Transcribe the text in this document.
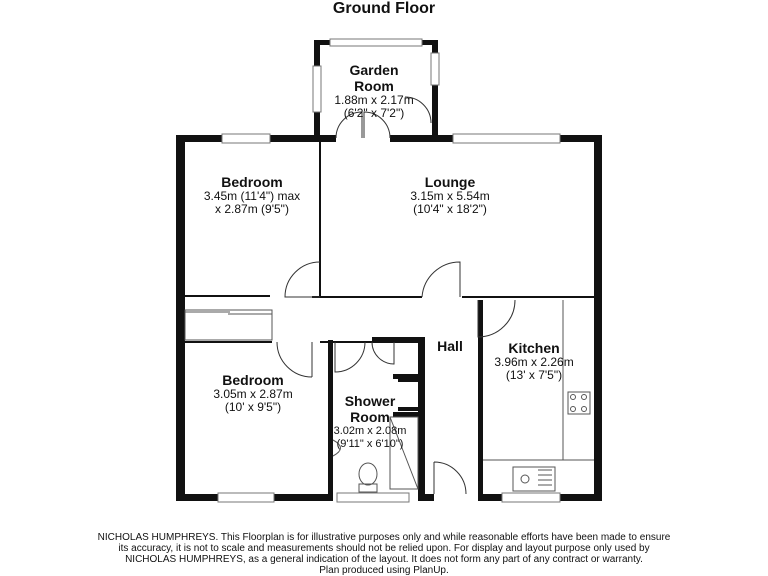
Ground Floor
Garden
Room
1.88m x 2.17m
(6'2" x 7'2")
Bedroom
3.45m (11'4") max
x 2.87m (9'5")
Lounge
3.15m x 5.54m
(10'4" x 18'2")
Hall	Kitchen
3.96m x 2.26m
(13' x 7'5")
Bedroom
3.05m x 2.87m
(10' x 9'5")	Shower
Room
3.02m x 2.08m
(9'11" x 6'10")
NICHOLAS HUMPHREYS. This Floorplan is for illustrative purposes only and while reasonable efforts have been made to ensure
its accuracy, it is not to scale and measurements should not be relied upon. For display and layout purpose only used by
NICHOLAS HUMPHREYS, as a general indication of the layout. It does not form any part of any contract or warranty.
Plan produced using PlanUp.
